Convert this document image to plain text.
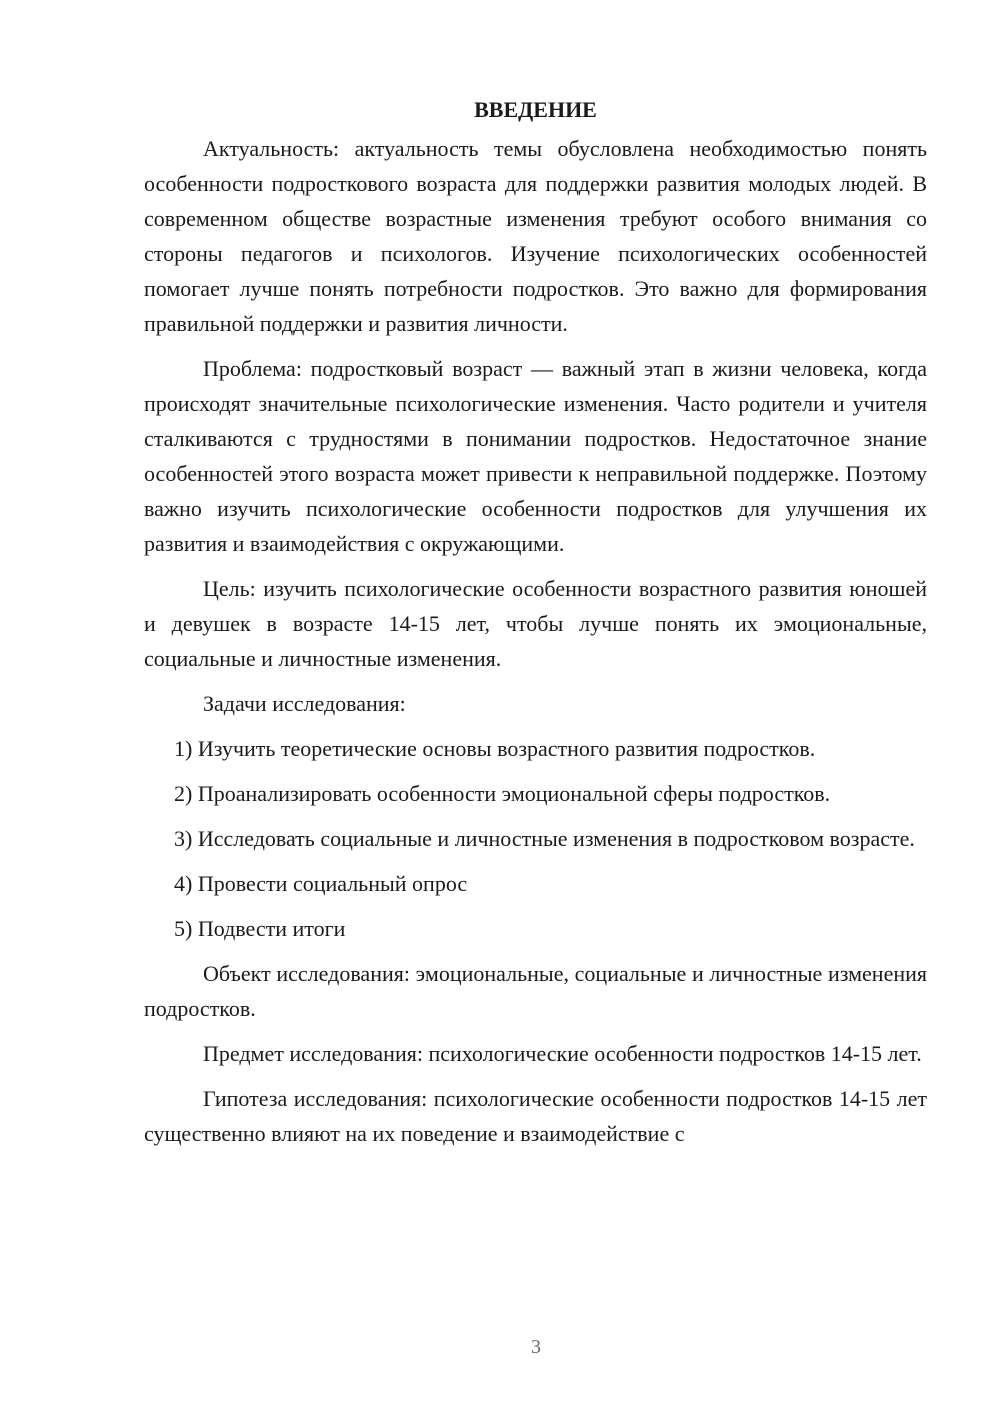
ВВЕДЕНИЕ

Актуальность: актуальность темы обусловлена необходимостью понять особенности подросткового возраста для поддержки развития молодых людей. В современном обществе возрастные изменения требуют особого внимания со стороны педагогов и психологов. Изучение психологических особенностей помогает лучше понять потребности подростков. Это важно для формирования правильной поддержки и развития личности.

Проблема: подростковый возраст — важный этап в жизни человека, когда происходят значительные психологические изменения. Часто родители и учителя сталкиваются с трудностями в понимании подростков. Недостаточное знание особенностей этого возраста может привести к неправильной поддержке. Поэтому важно изучить психологические особенности подростков для улучшения их развития и взаимодействия с окружающими.

Цель: изучить психологические особенности возрастного развития юношей и девушек в возрасте 14-15 лет, чтобы лучше понять их эмоциональные, социальные и личностные изменения.

Задачи исследования:

1) Изучить теоретические основы возрастного развития подростков.

2) Проанализировать особенности эмоциональной сферы подростков.

3) Исследовать социальные и личностные изменения в подростковом возрасте.

4) Провести социальный опрос

5) Подвести итоги

Объект исследования: эмоциональные, социальные и личностные изменения подростков.

Предмет исследования: психологические особенности подростков 14-15 лет.

Гипотеза исследования: психологические особенности подростков 14-15 лет существенно влияют на их поведение и взаимодействие с

3
